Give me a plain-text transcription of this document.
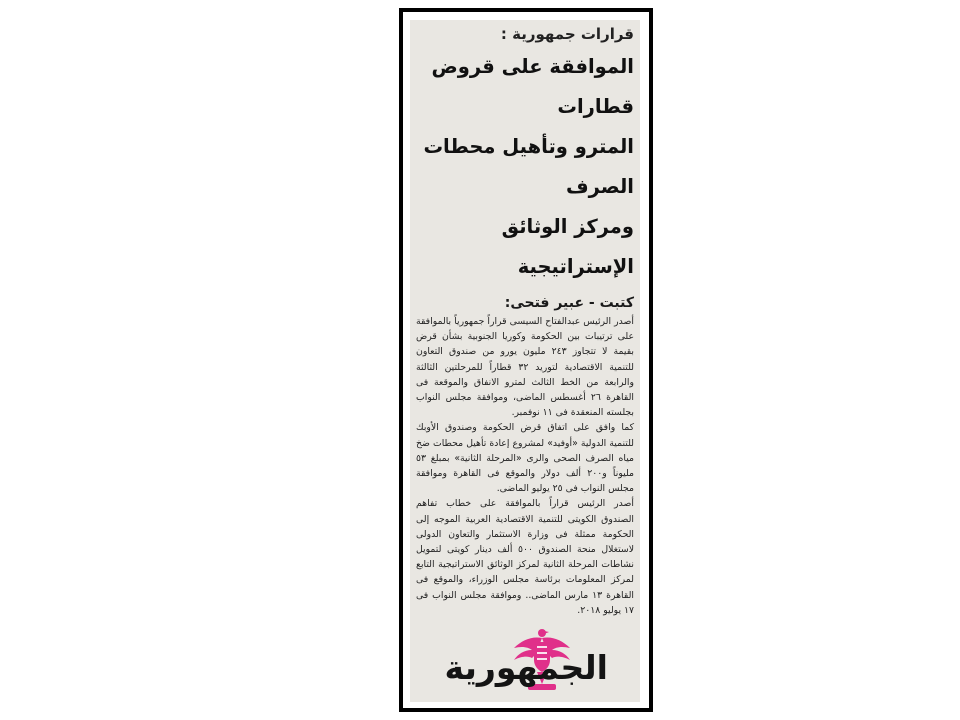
قرارات جمهورية :
الموافقة على قروض قطارات
المترو وتأهيل محطات الصرف
ومركز الوثائق الإستراتيجية
كتبت - عبير فتحى:

أصدر الرئيس عبدالفتاح السيسى قراراً جمهورياً بالموافقة على ترتيبات بين الحكومة وكوريا الجنوبية بشأن قرض بقيمة لا تتجاوز ٢٤٣ مليون يورو من صندوق التعاون للتنمية الاقتصادية لتوريد ٣٢ قطاراً للمرحلتين الثالثة والرابعة من الخط الثالث لمترو الانفاق والموقعة فى القاهرة ٢٦ أغسطس الماضى، وموافقة مجلس النواب بجلسته المنعقدة فى ١١ نوفمبر.

كما وافق على اتفاق قرض الحكومة وصندوق الأوبك للتنمية الدولية «أوفيد» لمشروع إعادة تأهيل محطات ضخ مياه الصرف الصحى والرى «المرحلة الثانية» بمبلغ ٥٣ مليوناً و٢٠٠ ألف دولار والموقع فى القاهرة وموافقة مجلس النواب فى ٢٥ يوليو الماضى.

أصدر الرئيس قراراً بالموافقة على خطاب تفاهم الصندوق الكويتى للتنمية الاقتصادية العربية الموجه إلى الحكومة ممثلة فى وزارة الاستثمار والتعاون الدولى لاستغلال منحة الصندوق ٥٠٠ ألف دينار كويتى لتمويل نشاطات المرحلة الثانية لمركز الوثائق الاستراتيجية التابع لمركز المعلومات برئاسة مجلس الوزراء، والموقع فى القاهرة ١٣ مارس الماضى.. وموافقة مجلس النواب فى ١٧ يوليو ٢٠١٨.

الجمهورية
